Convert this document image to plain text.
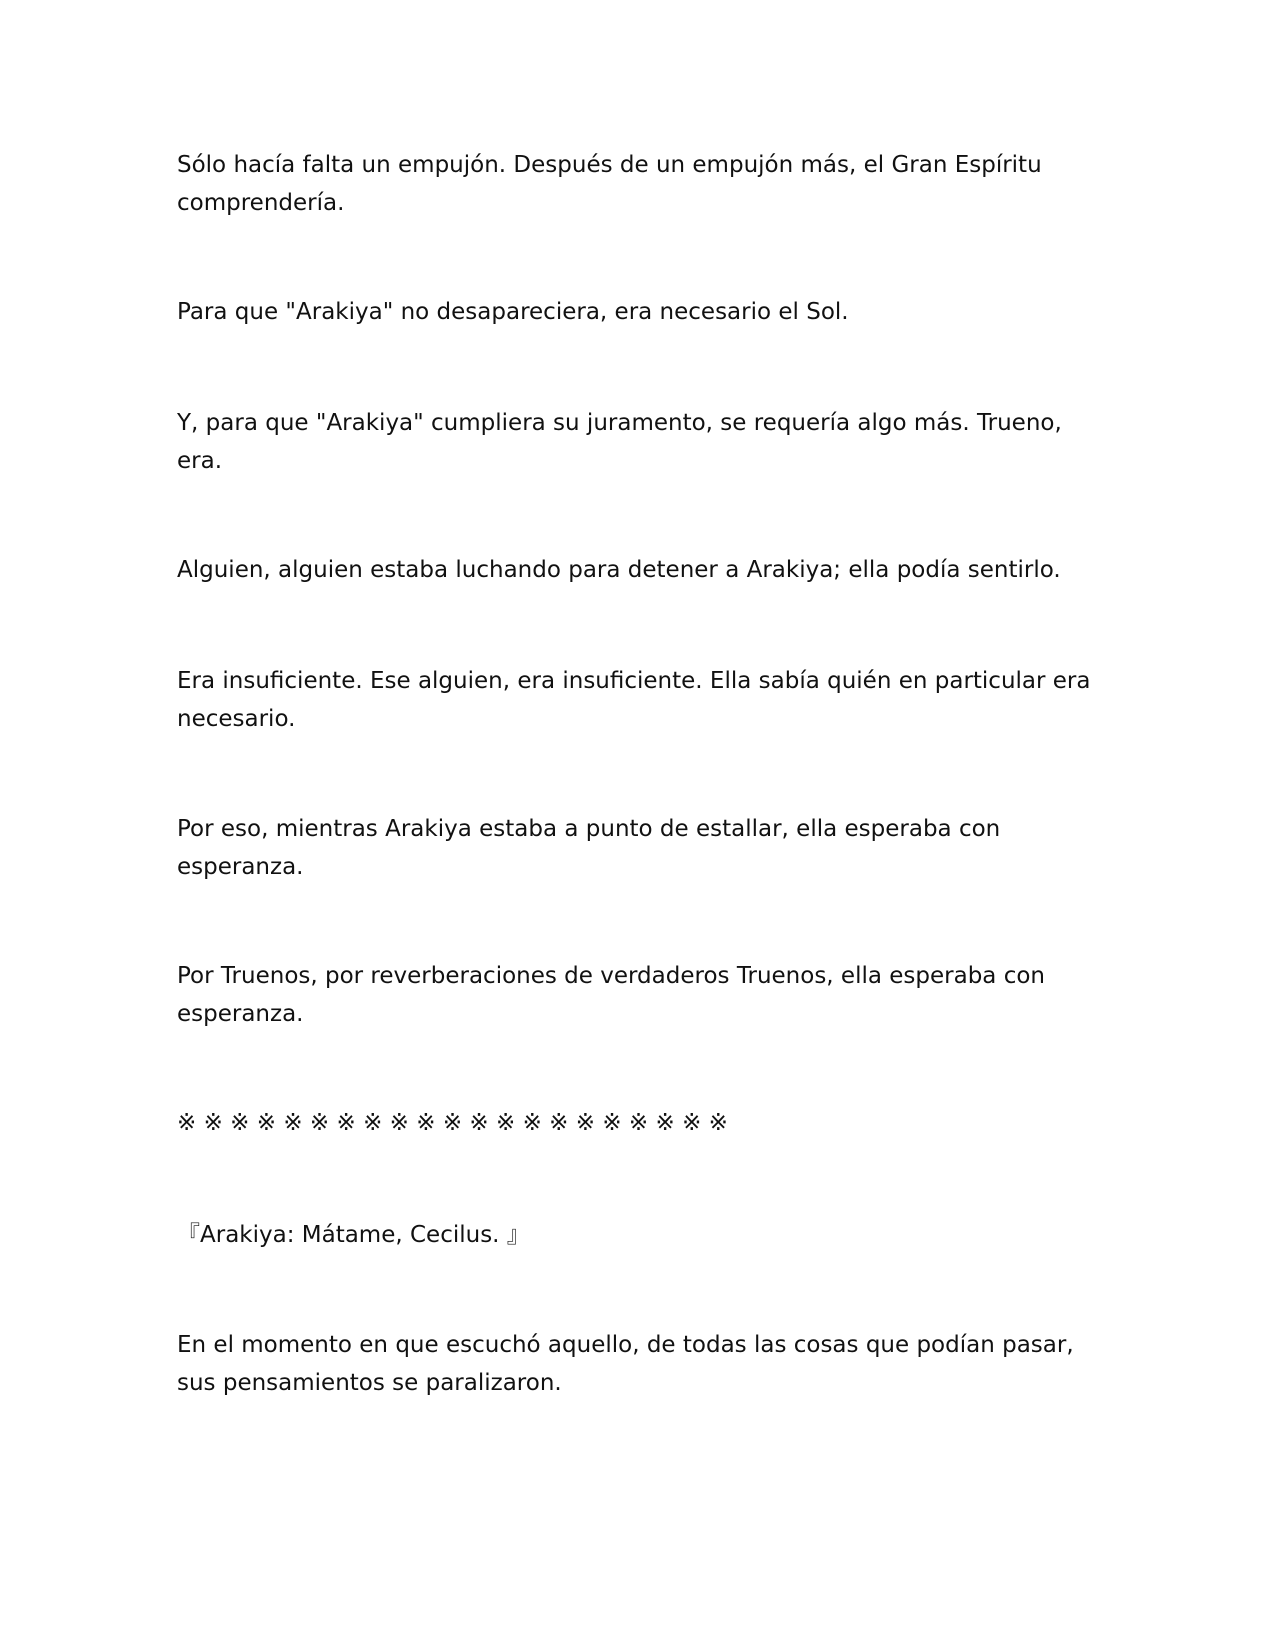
Sólo hacía falta un empujón. Después de un empujón más, el Gran Espíritu comprendería.

Para que "Arakiya" no desapareciera, era necesario el Sol.

Y, para que "Arakiya" cumpliera su juramento, se requería algo más. Trueno, era.

Alguien, alguien estaba luchando para detener a Arakiya; ella podía sentirlo.

Era insuficiente. Ese alguien, era insuficiente. Ella sabía quién en particular era necesario.

Por eso, mientras Arakiya estaba a punto de estallar, ella esperaba con esperanza.

Por Truenos, por reverberaciones de verdaderos Truenos, ella esperaba con esperanza.

※ ※ ※ ※ ※ ※ ※ ※ ※ ※ ※ ※ ※ ※ ※ ※ ※ ※ ※ ※ ※

『Arakiya: Mátame, Cecilus. 』

En el momento en que escuchó aquello, de todas las cosas que podían pasar, sus pensamientos se paralizaron.
